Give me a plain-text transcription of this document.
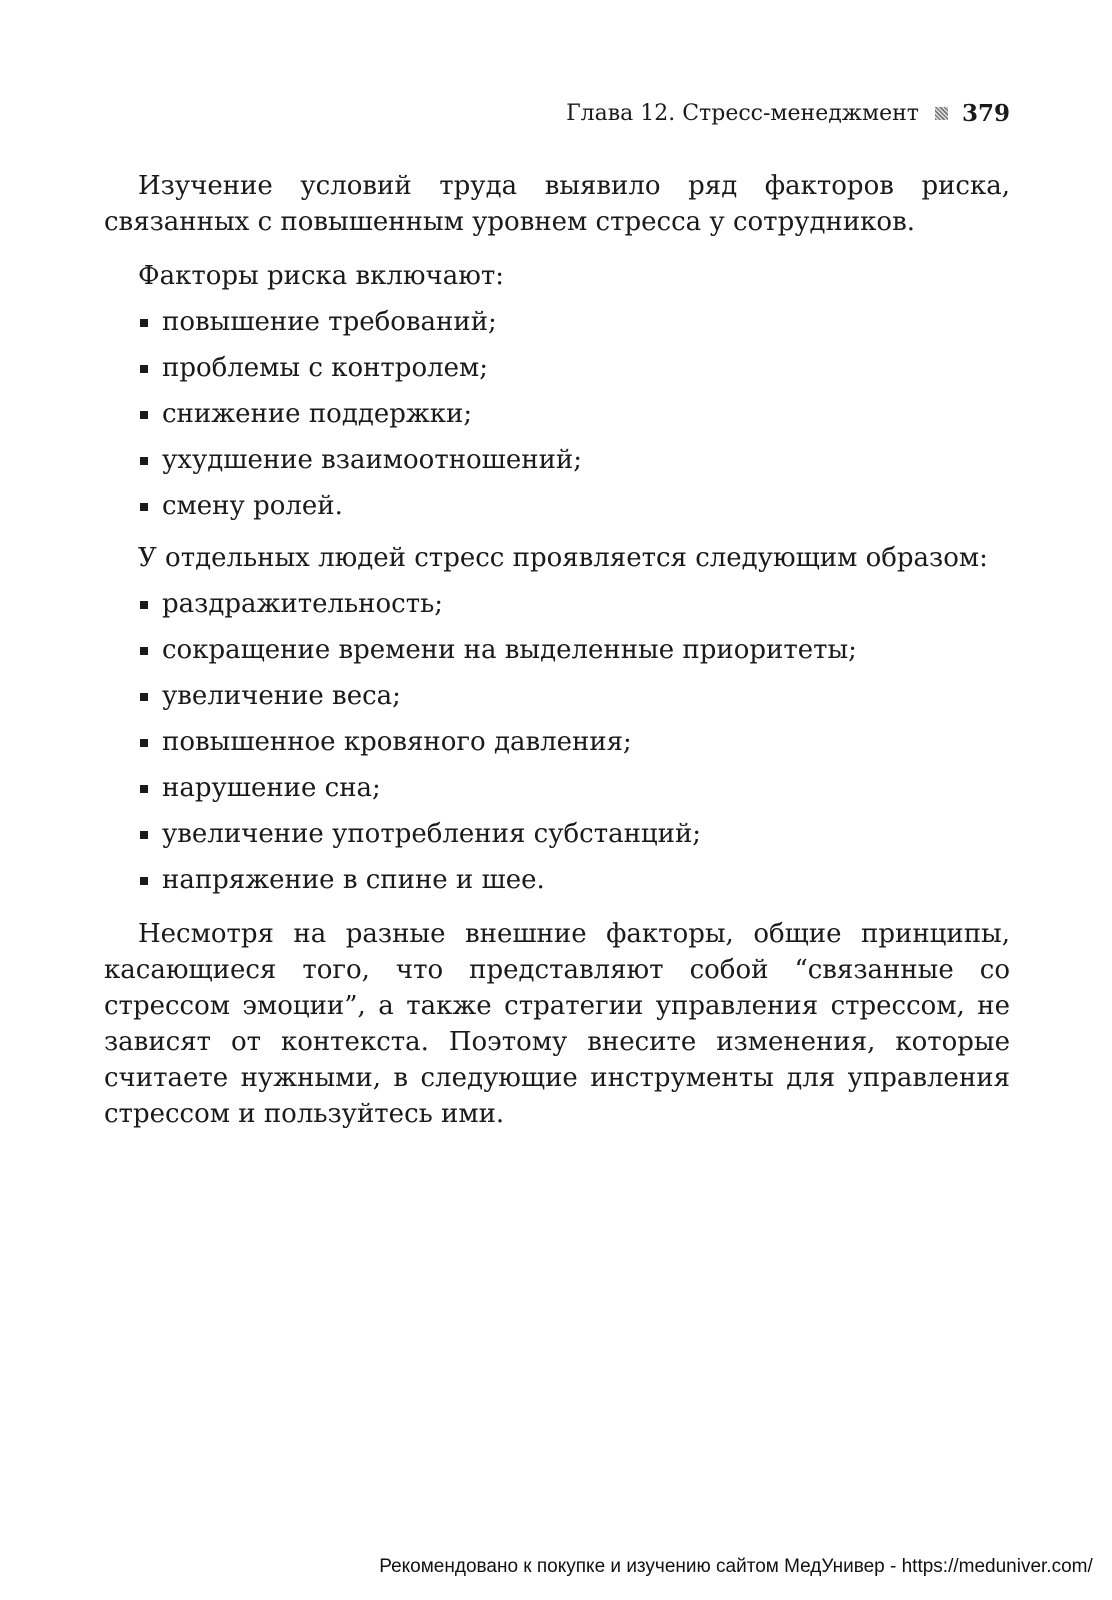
Глава 12. Стресс-менеджмент 379

Изучение условий труда выявило ряд факторов риска, связанных с повышенным уровнем стресса у сотрудников.

Факторы риска включают:

повышение требований;
проблемы с контролем;
снижение поддержки;
ухудшение взаимоотношений;
смену ролей.

У отдельных людей стресс проявляется следующим образом:

раздражительность;
сокращение времени на выделенные приоритеты;
увеличение веса;
повышенное кровяного давления;
нарушение сна;
увеличение употребления субстанций;
напряжение в спине и шее.

Несмотря на разные внешние факторы, общие принципы, касающиеся того, что представляют собой “связанные со стрессом эмоции”, а также стратегии управления стрессом, не зависят от контекста. Поэтому внесите изменения, которые считаете нужными, в следующие инструменты для управления стрессом и пользуйтесь ими.

Рекомендовано к покупке и изучению сайтом МедУнивер - https://meduniver.com/
